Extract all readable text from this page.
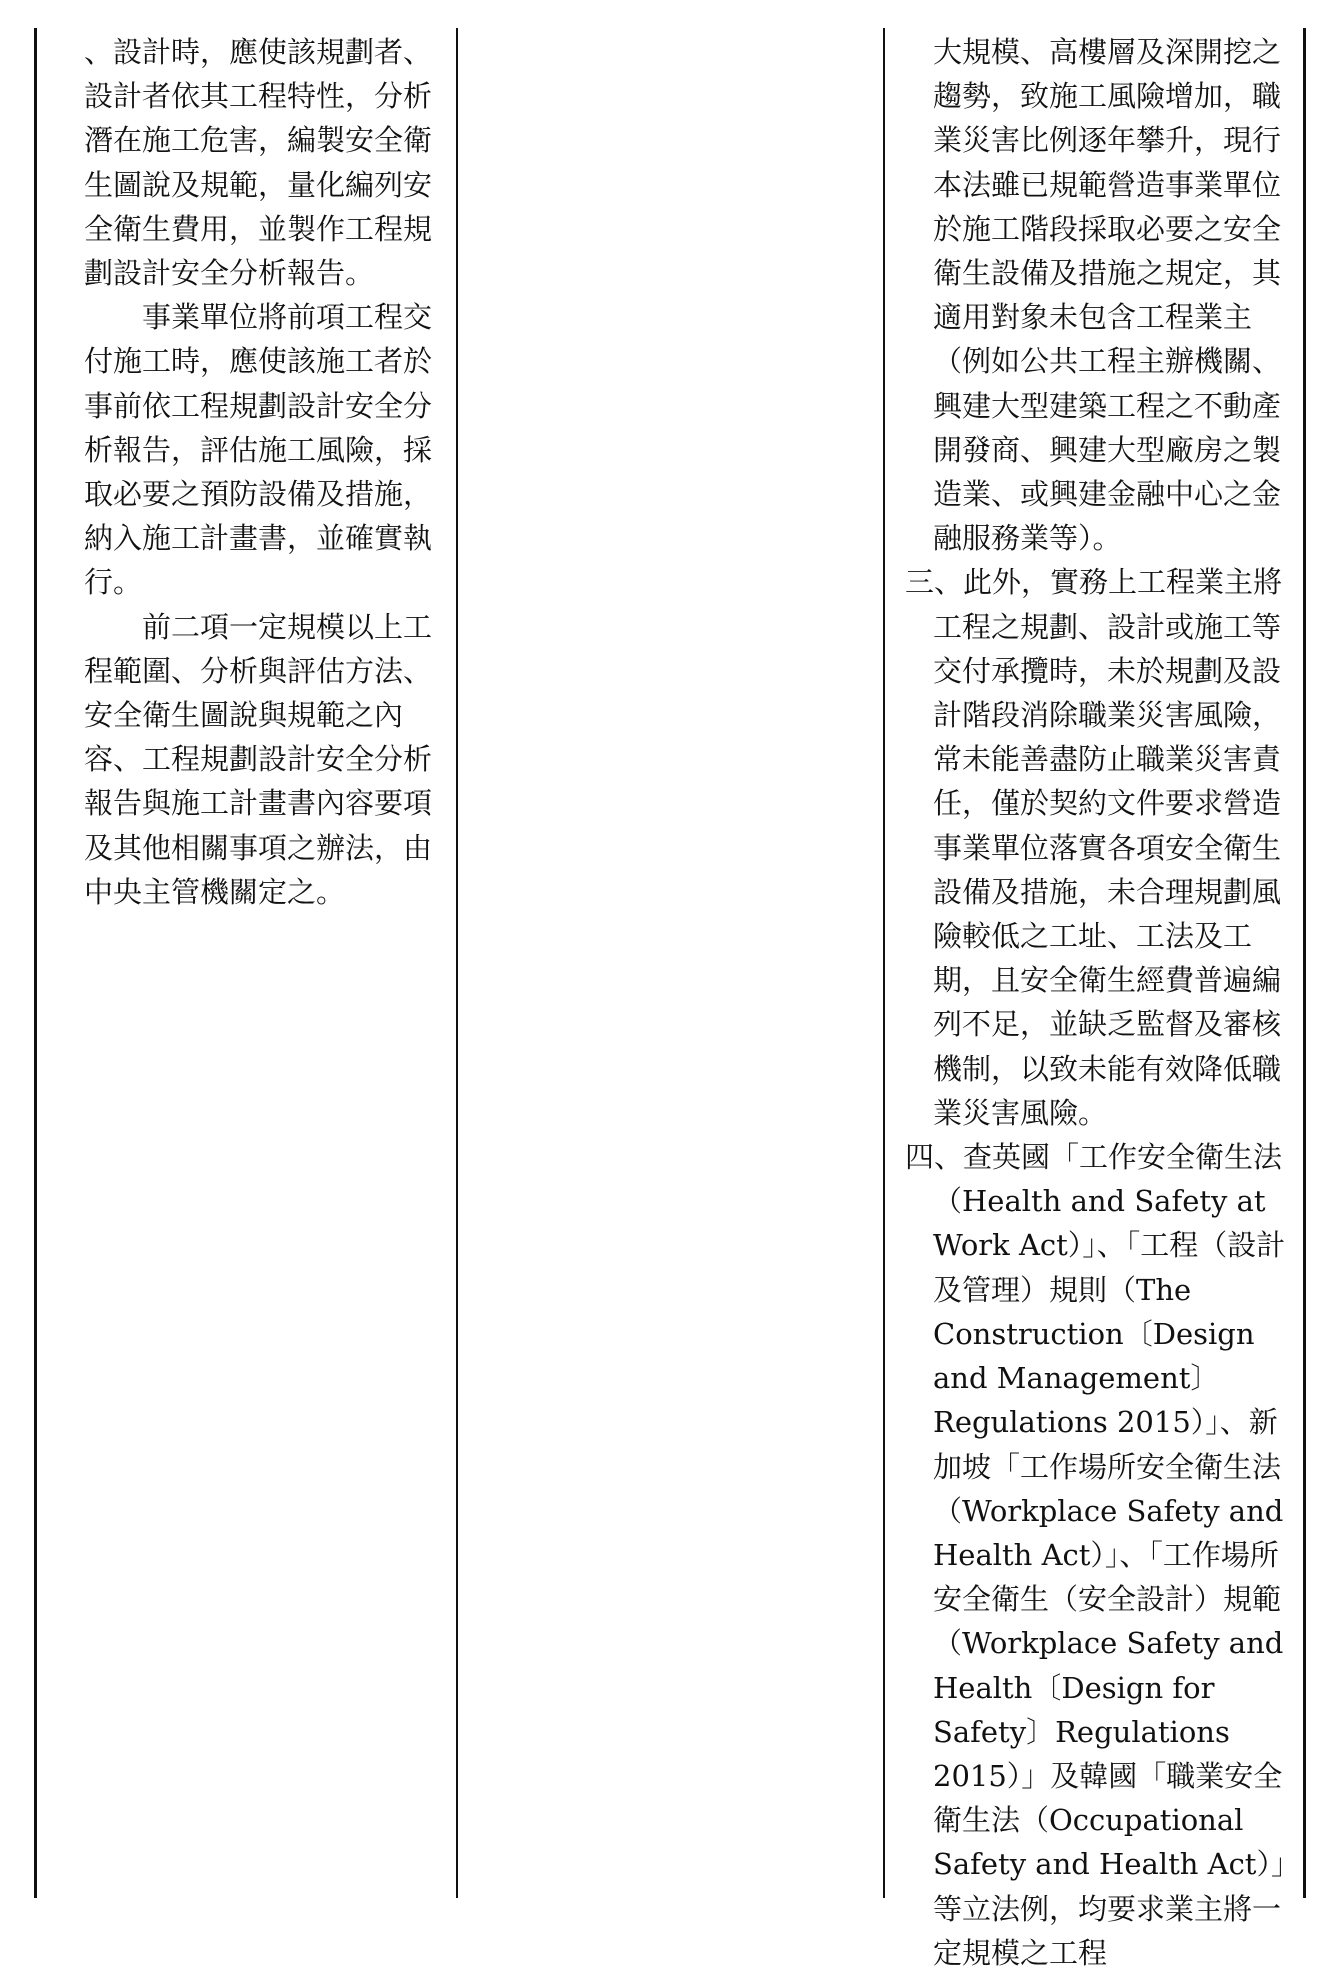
、設計時，應使該規劃者、設計者依其工程特性，分析潛在施工危害，編製安全衛生圖說及規範，量化編列安全衛生費用，並製作工程規劃設計安全分析報告。

事業單位將前項工程交付施工時，應使該施工者於事前依工程規劃設計安全分析報告，評估施工風險，採取必要之預防設備及措施，納入施工計畫書，並確實執行。

前二項一定規模以上工程範圍、分析與評估方法、安全衛生圖說與規範之內容、工程規劃設計安全分析報告與施工計畫書內容要項及其他相關事項之辦法，由中央主管機關定之。

大規模、高樓層及深開挖之趨勢，致施工風險增加，職業災害比例逐年攀升，現行本法雖已規範營造事業單位於施工階段採取必要之安全衛生設備及措施之規定，其適用對象未包含工程業主（例如公共工程主辦機關、興建大型建築工程之不動產開發商、興建大型廠房之製造業、或興建金融中心之金融服務業等）。

三、此外，實務上工程業主將工程之規劃、設計或施工等交付承攬時，未於規劃及設計階段消除職業災害風險，常未能善盡防止職業災害責任，僅於契約文件要求營造事業單位落實各項安全衛生設備及措施，未合理規劃風險較低之工址、工法及工期，且安全衛生經費普遍編列不足，並缺乏監督及審核機制，以致未能有效降低職業災害風險。

四、查英國「工作安全衛生法（Health and Safety at Work Act）」、「工程（設計及管理）規則（The Construction〔Design and Management〕Regulations 2015）」、新加坡「工作場所安全衛生法（Workplace Safety and Health Act）」、「工作場所安全衛生（安全設計）規範（Workplace Safety and Health〔Design for Safety〕Regulations 2015）」及韓國「職業安全衛生法（Occupational Safety and Health Act）」等立法例，均要求業主將一定規模之工程
